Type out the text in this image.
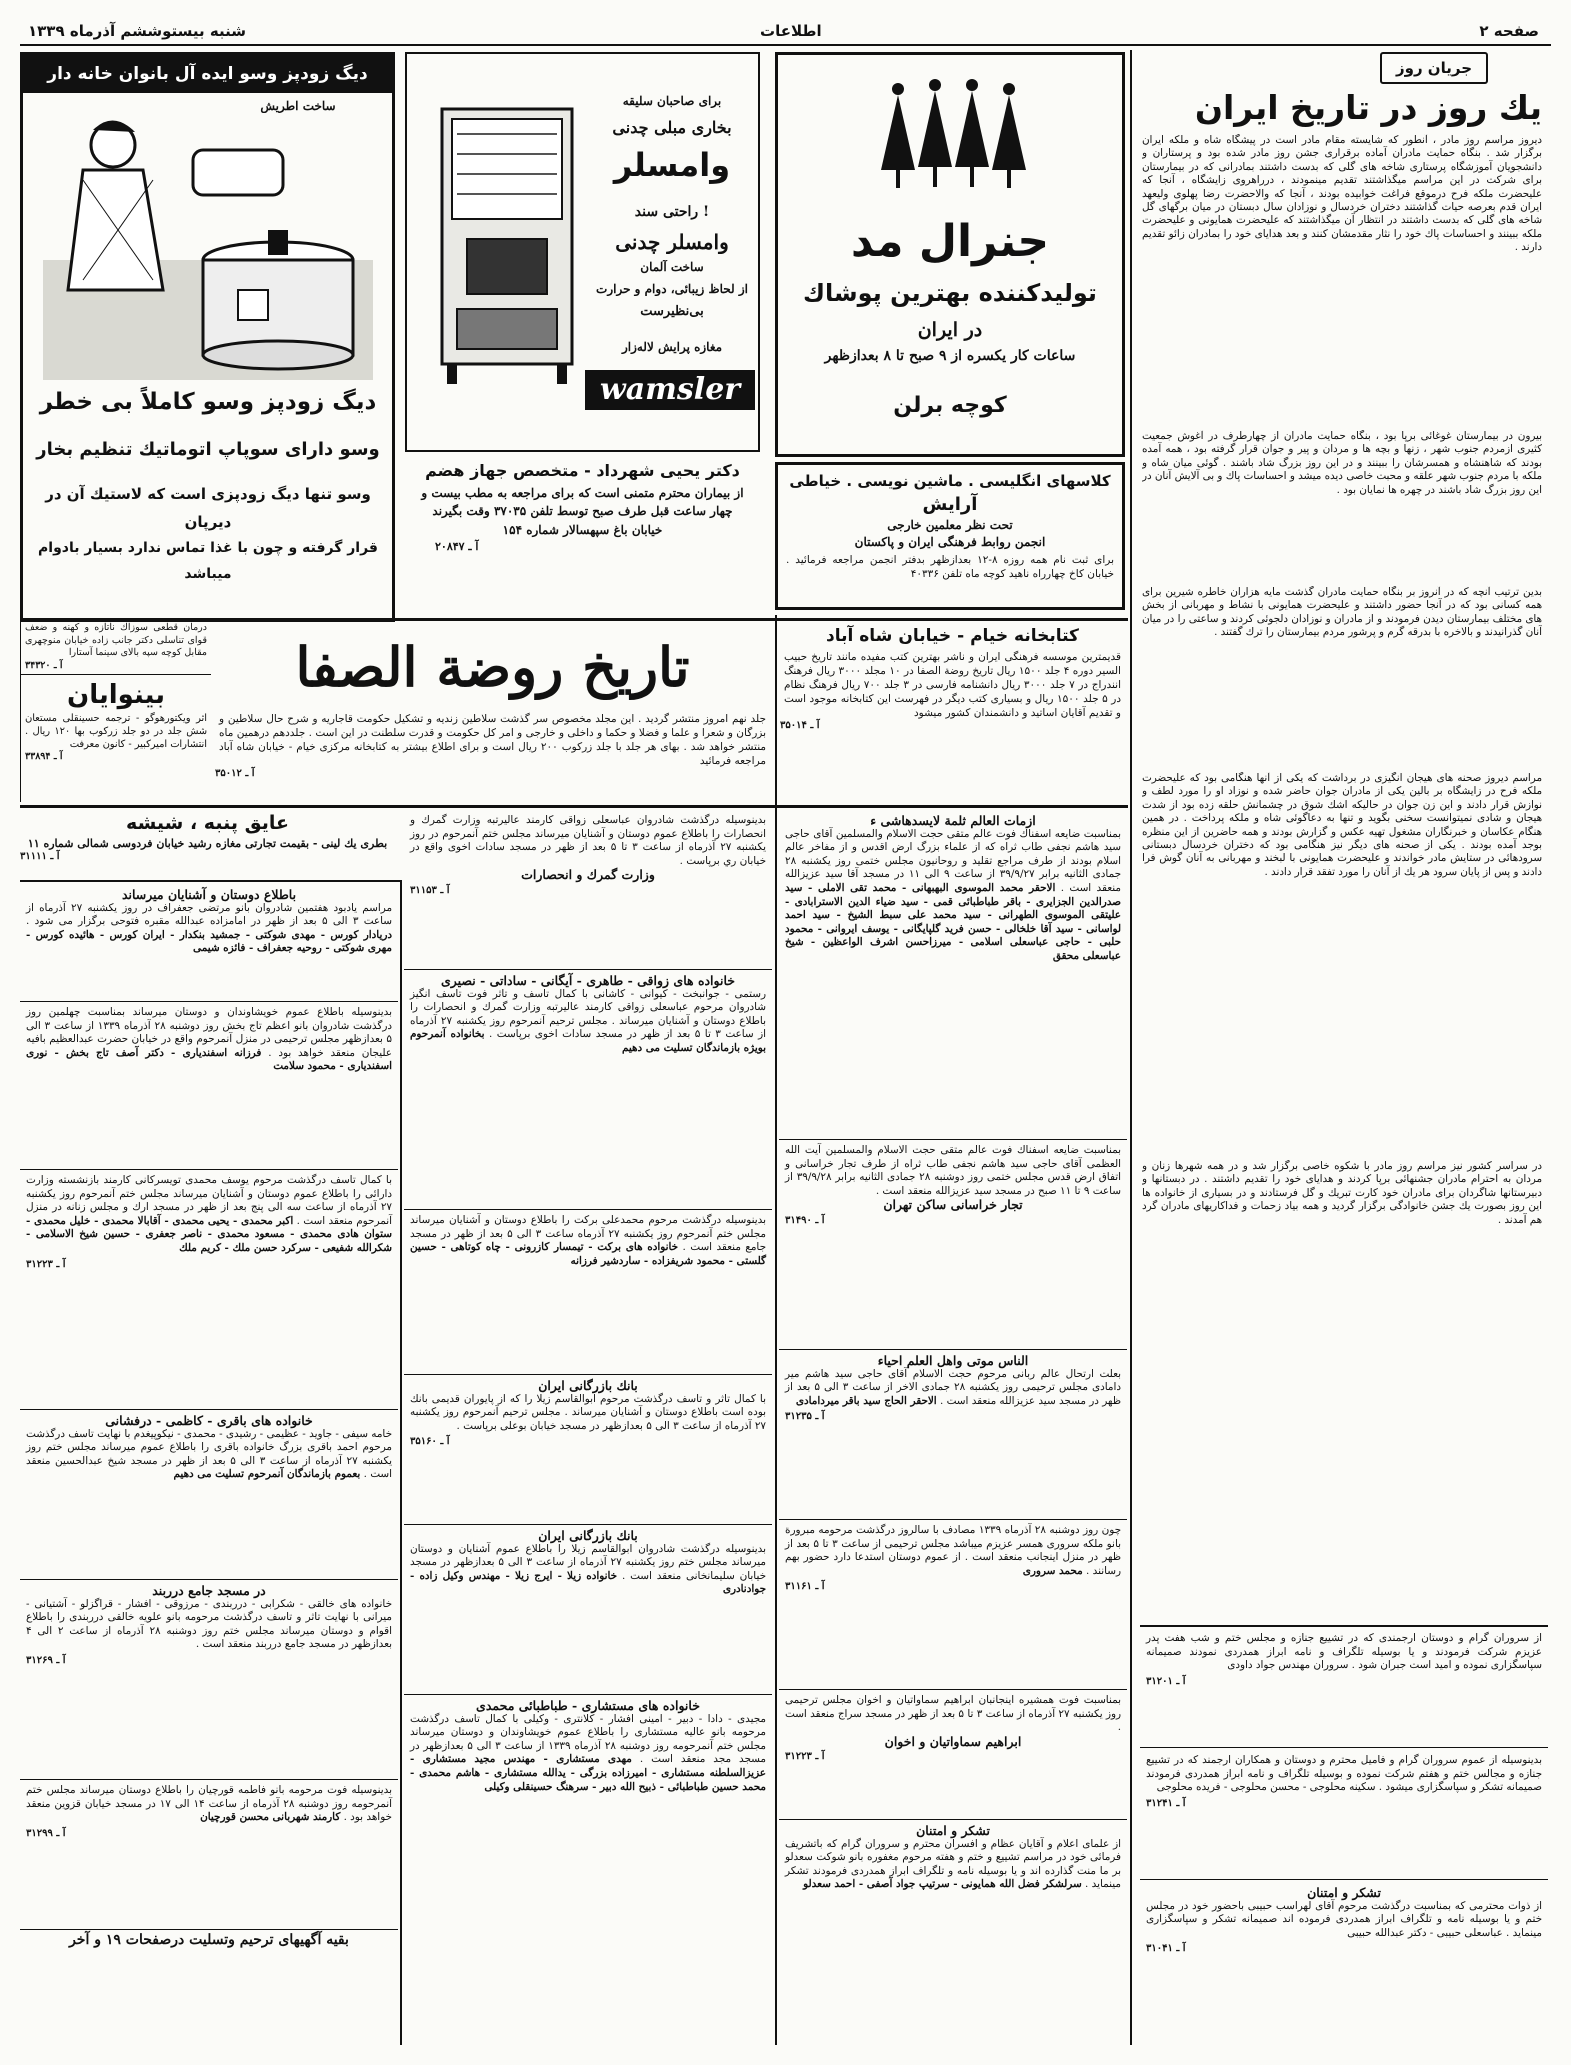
شنبه بیستوششم آذرماه ۱۳۳۹	اطلاعات	صفحه ۲
جریان روز
يك روز در تاريخ ايران
دیروز مراسم روز مادر ، آنطور كه شايسته مقام مادر است در پيشگاه شاه و ملكه ايران برگزار شد . بنگاه حمايت مادران آماده برقرارى جشن روز مادر شده بود و پرستاران و دانشجويان آموزشگاه پرستارى شاخه هاى گلى كه بدست داشتند بمادرانى كه در بيمارستان براى شركت در اين مراسم ميگذاشتند تقديم مينمودند ، درراهروى زايشگاه ، آنجا كه عليحضرت ملكه فرح درموقع فراغت خوابيده بودند ، آنجا كه والاحضرت رضا پهلوى وليعهد ايران قدم بعرصه حيات گذاشتند دختران خردسال و نوزادان سال دبستان در ميان برگهاى گل شاخه هاى گلى كه بدست داشتند در انتظار آن ميگذاشتند كه عليحضرت همايونى و عليحضرت ملكه ببينند و احساسات پاك خود را نثار مقدمشان كنند و بعد هداياى خود را بمادران زائو تقديم دارند .
بيرون در بيمارستان غوغائى برپا بود ، بنگاه حمايت مادران از چهارطرف در آغوش جمعيت كثيرى ازمردم جنوب شهر ، زنها و بچه ها و مردان و پير و جوان قرار گرفته بود ، همه آمده بودند كه شاهنشاه و همسرشان را ببينند و در اين روز بزرگ شاد باشند . گوئى ميان شاه و ملكه با مردم جنوب شهر علقه و محبت خاصى ديده ميشد و احساسات پاك و بى آلايش آنان در اين روز بزرگ شاد باشند در چهره ها نمايان بود .
بدين ترتيب آنچه كه در آنروز بر بنگاه حمايت مادران گذشت مايه هزاران خاطره شيرين براى همه كسانى بود كه در آنجا حضور داشتند و عليحضرت همايونى با نشاط و مهربانى از بخش هاى مختلف بيمارستان ديدن فرمودند و از مادران و نوزادان دلجوئى كردند و ساعتى را در ميان آنان گذرانيدند و بالاخره با بدرقه گرم و پرشور مردم بيمارستان را ترك گفتند .
مراسم ديروز صحنه هاى هيجان انگيزى در برداشت كه يكى از آنها هنگامى بود كه عليحضرت ملكه فرح در زايشگاه بر بالين يكى از مادران جوان حاضر شده و نوزاد او را مورد لطف و نوازش قرار دادند و اين زن جوان در حاليكه اشك شوق در چشمانش حلقه زده بود از شدت هيجان و شادى نميتوانست سخنى بگويد و تنها به دعاگوئى شاه و ملكه پرداخت . در همين هنگام عكاسان و خبرنگاران مشغول تهيه عكس و گزارش بودند و همه حاضرين از اين منظره بوجد آمده بودند . يكى از صحنه هاى ديگر نيز هنگامى بود كه دختران خردسال دبستانى سرودهائى در ستايش مادر خواندند و عليحضرت همايونى با لبخند و مهربانى به آنان گوش فرا دادند و پس از پايان سرود هر يك از آنان را مورد تفقد قرار دادند .
در سراسر كشور نيز مراسم روز مادر با شكوه خاصى برگزار شد و در همه شهرها زنان و مردان به احترام مادران جشنهائى برپا كردند و هداياى خود را تقديم داشتند . در دبستانها و دبيرستانها شاگردان براى مادران خود كارت تبريك و گل فرستادند و در بسيارى از خانواده ها اين روز بصورت يك جشن خانوادگى برگزار گرديد و همه بياد زحمات و فداكاريهاى مادران گرد هم آمدند .
از سروران گرام و دوستان ارجمندى كه در تشييع جنازه و مجلس ختم و شب هفت پدر عزيزم شركت فرمودند و يا بوسيله تلگراف و نامه ابراز همدردى نمودند صميمانه سپاسگزارى نموده و اميد است جبران شود . سروران مهندس جواد داودى
آ ـ ۳۱۲۰۱
بدينوسيله از عموم سروران گرام و فاميل محترم و دوستان و همكاران ارجمند كه در تشييع جنازه و مجالس ختم و هفتم شركت نموده و بوسيله تلگراف و نامه ابراز همدردى فرمودند صميمانه تشكر و سپاسگزارى ميشود . سكينه محلوجى - محسن محلوجى - فريده محلوجى
آ ـ ۳۱۲۴۱
تشكر و امتنان
از ذوات محترمى كه بمناسبت درگذشت مرحوم آقاى لهراسب حبيبى باحضور خود در مجلس ختم و يا بوسيله نامه و تلگراف ابراز همدردى فرموده اند صميمانه تشكر و سپاسگزارى مينمايد . عباسعلى حبيبى - دكتر عبدالله حبيبى
آ ـ ۳۱۰۴۱
جنرال مد
توليدكننده بهترين پوشاك
در ايران
ساعات كار يكسره از ۹ صبح تا ۸ بعدازظهر
كوچه برلن
براى صاحبان سليقه
بخارى مبلى چدنى
وامسلر
راحتى سند !
وامسلر چدنى
ساخت آلمان
از لحاظ زيبائى، دوام و حرارت
بى‌نظيرست
مغازه پرايش لاله‌زار
wamsler
ديگ زودپز وسو ايده آل بانوان خانه دار
ساخت اطريش
ديگ زودپز وسو كاملاً بى خطر
وسو داراى سوپاپ اتوماتيك تنظيم بخار
وسو تنها ديگ زودپزى است كه لاستيك آن در ديرپان
قرار گرفته و چون با غذا تماس ندارد بسيار بادوام ميباشد
كلاسهاى انگليسى . ماشين نويسى . خياطى
آرايش
تحت نظر معلمين خارجى
انجمن روابط فرهنگى ايران و پاكستان
براى ثبت نام همه روزه ۸-۱۲ بعدازظهر بدفتر انجمن مراجعه فرمائيد . خيابان كاخ چهارراه ناهيد كوچه ماه تلفن ۴۰۳۳۶
دكتر يحيى شهرداد - متخصص جهاز هضم
از بيماران محترم متمنى است كه براى مراجعه به مطب بيست و چهار ساعت قبل طرف صبح توسط تلفن ۳۷۰۳۵ وقت بگيرند
خيابان باغ سپهسالار شماره ۱۵۴
آ ـ ۲۰۸۴۷
كتابخانه خيام - خيابان شاه آباد
قديمترين موسسه فرهنگى ايران و ناشر بهترين كتب مفيده مانند تاريخ حبيب السير دوره ۴ جلد ۱۵۰۰ ريال تاريخ روضة الصفا در ۱۰ مجلد ۳۰۰۰ ريال فرهنگ انندراج در ۷ جلد ۳۰۰۰ ريال دانشنامه فارسى در ۳ جلد ۷۰۰ ريال فرهنگ نظام در ۵ جلد ۱۵۰۰ ريال و بسيارى كتب ديگر در فهرست اين كتابخانه موجود است و تقديم آقايان اساتيد و دانشمندان كشور ميشود
آ ـ ۳۵۰۱۴
تاريخ روضة الصفا
جلد نهم امروز منتشر گرديد . اين مجلد مخصوص سر گذشت سلاطين زنديه و تشكيل حكومت قاجاريه و شرح حال سلاطين و بزرگان و شعرا و علما و فضلا و حكما و داخلى و خارجى و امر كل حكومت و قدرت سلطنت در اين است . جلددهم درهمين ماه منتشر خواهد شد . بهاى هر جلد با جلد زركوب ۲۰۰ ريال است و براى اطلاع بيشتر به كتابخانه مركزى خيام - خيابان شاه آباد مراجعه فرمائيد
آ ـ ۳۵۰۱۲
درمان قطعى سوزاك ناتازه و كهنه و ضعف قواى تناسلى دكتر جانب زاده خيابان منوچهرى مقابل كوچه سپه بالاى سينما آستارا
آ ـ ۳۴۳۲۰
بينوايان
اثر ويكتورهوگو - ترجمه حسينقلى مستعان شش جلد در دو جلد زركوب بها ۱۲۰ ريال . انتشارات اميركبير - كانون معرفت
آ ـ ۳۳۸۹۴
عايق پنبه ، شيشه
بطرى يك لينى - بقيمت تجارتى مغازه رشيد خيابان فردوسى شمالى شماره ۱۱
آ ـ ۳۱۱۱۱
باطلاع دوستان و آشنايان ميرساند
مراسم يادبود هفتمين شادروان بانو مرتضى جعفراف در روز يكشنبه ۲۷ آذرماه از ساعت ۳ الى ۵ بعد از ظهر در امامزاده عبدالله مقبره فتوحى برگزار مى شود . دريادار كورس - مهدى شوكتى - جمشيد بنكدار - ايران كورس - هائيده كورس - مهرى شوكتى - روحيه جعفراف - فائزه شيمى
بدينوسيله باطلاع عموم خويشاوندان و دوستان ميرساند بمناسبت چهلمين روز درگذشت شادروان بانو اعظم تاج بخش روز دوشنبه ۲۸ آذرماه ۱۳۳۹ از ساعت ۳ الى ۵ بعدازظهر مجلس ترحيمى در منزل آنمرحوم واقع در خيابان حضرت عبدالعظيم بافيه عليجان منعقد خواهد بود . فرزانه اسفنديارى - دكتر آصف تاج بخش - نورى اسفنديارى - محمود سلامت
با كمال تاسف درگذشت مرحوم يوسف محمدى تويسركانى كارمند بازنشسته وزارت دارائى را باطلاع عموم دوستان و آشنايان ميرساند مجلس ختم آنمرحوم روز يكشنبه ۲۷ آذرماه از ساعت سه الى پنج بعد از ظهر در مسجد ارك و مجلس زنانه در منزل آنمرحوم منعقد است . اكبر محمدى - يحيى محمدى - آقابالا محمدى - خليل محمدى - ستوان هادى محمدى - مسعود محمدى - ناصر جعفرى - حسين شيخ الاسلامى - شكرالله شفيعى - سركرد حسن ملك - كريم ملك
آ ـ ۳۱۲۲۳
خانواده هاى باقرى - كاظمى - درفشانى
خامه سيفى - جاويد - عظيمى - رشيدى - محمدى - نيكوپيغدم با نهايت تاسف درگذشت مرحوم احمد باقرى بزرگ خانواده باقرى را باطلاع عموم ميرساند مجلس ختم روز يكشنبه ۲۷ آذرماه از ساعت ۳ الى ۵ بعد از ظهر در مسجد شيخ عبدالحسين منعقد است . بعموم بازماندگان آنمرحوم تسليت مى دهيم
در مسجد جامع درربند
خانواده هاى خالقى - شكرابى - درربندى - مرزوقى - افشار - قراگزلو - آشتيانى - ميرانى با نهايت تاثر و تاسف درگذشت مرحومه بانو علويه خالقى درربندى را باطلاع اقوام و دوستان ميرساند مجلس ختم روز دوشنبه ۲۸ آذرماه از ساعت ۲ الى ۴ بعدازظهر در مسجد جامع درربند منعقد است .
آ ـ ۳۱۲۶۹
بدينوسيله فوت مرحومه بانو فاطمه قورچيان را باطلاع دوستان ميرساند مجلس ختم آنمرحومه روز دوشنبه ۲۸ آذرماه از ساعت ۱۴ الى ۱۷ در مسجد خيابان قزوين منعقد خواهد بود . كارمند شهربانى محسن قورچيان
آ ـ ۳۱۲۹۹
بقيه آگهيهاى ترحيم وتسليت درصفحات ۱۹ و آخر
بدينوسيله درگذشت شادروان عباسعلى زواقى كارمند عاليرتبه وزارت گمرك و انحصارات را باطلاع عموم دوستان و آشنايان ميرساند مجلس ختم آنمرحوم در روز يكشنبه ۲۷ آذرماه از ساعت ۳ تا ۵ بعد از ظهر در مسجد سادات اخوى واقع در خيابان ري برپاست .
وزارت گمرك و انحصارات
آ ـ ۳۱۱۵۳
خانواده هاى زواقى - طاهرى - آيگانى - ساداتى - نصيرى
رستمى - جوانبخت - كيوانى - كاشانى با كمال تاسف و تاثر فوت تاسف انگيز شادروان مرحوم عباسعلى زواقى كارمند عاليرتبه وزارت گمرك و انحصارات را باطلاع دوستان و آشنايان ميرساند . مجلس ترحيم آنمرحوم روز يكشنبه ۲۷ آذرماه از ساعت ۳ تا ۵ بعد از ظهر در مسجد سادات اخوى برپاست . بخانواده آنمرحوم بويژه بازماندگان تسليت مى دهيم
بدينوسيله درگذشت مرحوم محمدعلى بركت را باطلاع دوستان و آشنايان ميرساند مجلس ختم آنمرحوم روز يكشنبه ۲۷ آذرماه ساعت ۳ الى ۵ بعد از ظهر در مسجد جامع منعقد است . خانواده هاى بركت - تيمسار كازرونى - چاه كوتاهى - حسين گلستى - محمود شريفزاده - ساردشير فرزانه
بانك بازرگانى ايران
با كمال تاثر و تاسف درگذشت مرحوم ابوالقاسم زيلا را كه از پايوران قديمى بانك بوده است باطلاع دوستان و آشنايان ميرساند . مجلس ترحيم آنمرحوم روز يكشنبه ۲۷ آذرماه از ساعت ۳ الى ۵ بعدازظهر در مسجد خيابان بوعلى برپاست .
آ ـ ۳۵۱۶۰
بانك بازرگانى ايران
بدينوسيله درگذشت شادروان ابوالقاسم زيلا را باطلاع عموم آشنايان و دوستان ميرساند مجلس ختم روز يكشنبه ۲۷ آذرماه از ساعت ۳ الى ۵ بعدازظهر در مسجد خيابان سليمانخانى منعقد است . خانواده زيلا - ايرج زيلا - مهندس وكيل زاده - جوادنادرى
خانواده هاى مستشارى - طباطبائى محمدى
مجيدى - دادا - دبير - امينى افشار - كلانترى - وكيلى با كمال تاسف درگذشت مرحومه بانو عاليه مستشارى را باطلاع عموم خويشاوندان و دوستان ميرساند مجلس ختم آنمرحومه روز دوشنبه ۲۸ آذرماه ۱۳۳۹ از ساعت ۳ الى ۵ بعدازظهر در مسجد مجد منعقد است . مهدى مستشارى - مهندس مجيد مستشارى - عزيزالسلطنه مستشارى - اميرزاده بزرگى - يدالله مستشارى - هاشم محمدى - محمد حسين طباطبائى - ذبيح الله دبير - سرهنگ حسينقلى وكيلى
ازمات العالم ثلمة لايسدهاشى ء
بمناسبت ضايعه اسفناك فوت عالم متقى حجت الاسلام والمسلمين آقاى حاجى سيد هاشم نجفى طاب ثراه كه از علماء بزرگ ارض اقدس و از مفاخر عالم اسلام بودند از طرف مراجع تقليد و روحانيون مجلس ختمى روز يكشنبه ۲۸ جمادى الثانيه برابر ۳۹/۹/۲۷ از ساعت ۹ الى ۱۱ در مسجد آقا سيد عزيزالله منعقد است . الاحقر محمد الموسوى البهبهانى - محمد تقى الاملى - سيد صدرالدين الجزايرى - باقر طباطبائى قمى - سيد ضياء الدين الاسترابادى - عليتقى الموسوى الطهرانى - سيد محمد على سبط الشيخ - سيد احمد لواسانى - سيد آقا خلخالى - حسن فريد گلپايگانى - يوسف ايروانى - محمود حلبى - حاجى عباسعلى اسلامى - ميرزاحسن اشرف الواعظين - شيخ عباسعلى محقق
بمناسبت ضايعه اسفناك فوت عالم متقى حجت الاسلام والمسلمين آيت الله العظمى آقاى حاجى سيد هاشم نجفى طاب ثراه از طرف تجار خراسانى و اتفاق ارض قدس مجلس ختمى روز دوشنبه ۲۸ جمادى الثانيه برابر ۳۹/۹/۲۸ از ساعت ۹ تا ۱۱ صبح در مسجد سيد عزيزالله منعقد است .
تجار خراسانى ساكن تهران
آ ـ ۳۱۴۹۰
الناس موتى واهل العلم احياء
بعلت ارتحال عالم ربانى مرحوم حجت الاسلام آقاى حاجى سيد هاشم مير دامادى مجلس ترحيمى روز يكشنبه ۲۸ جمادى الاخر از ساعت ۳ الى ۵ بعد از ظهر در مسجد سيد عزيزالله منعقد است . الاحقر الحاج سيد باقر ميردامادى
آ ـ ۳۱۲۳۵
چون روز دوشنبه ۲۸ آذرماه ۱۳۳۹ مصادف با سالروز درگذشت مرحومه مبرورة بانو ملكه سرورى همسر عزيزم ميباشد مجلس ترحيمى از ساعت ۳ تا ۵ بعد از ظهر در منزل اينجانب منعقد است . از عموم دوستان استدعا دارد حضور بهم رسانند . محمد سرورى
آ ـ ۳۱۱۶۱
بمناسبت فوت همشيره اينجانبان ابراهيم سماواتيان و اخوان مجلس ترحيمى روز يكشنبه ۲۷ آذرماه از ساعت ۳ تا ۵ بعد از ظهر در مسجد سراج منعقد است .
ابراهيم سماواتيان و اخوان
آ ـ ۳۱۲۲۳
تشكر و امتنان
از علماى اعلام و آقايان عظام و افسران محترم و سروران گرام كه باتشريف فرمائى خود در مراسم تشييع و ختم و هفته مرحوم مغفوره بانو شوكت سعدلو بر ما منت گذارده اند و يا بوسيله نامه و تلگراف ابراز همدردى فرمودند تشكر مينمايد . سرلشكر فضل الله همايونى - سرتيپ جواد آصفى - احمد سعدلو
